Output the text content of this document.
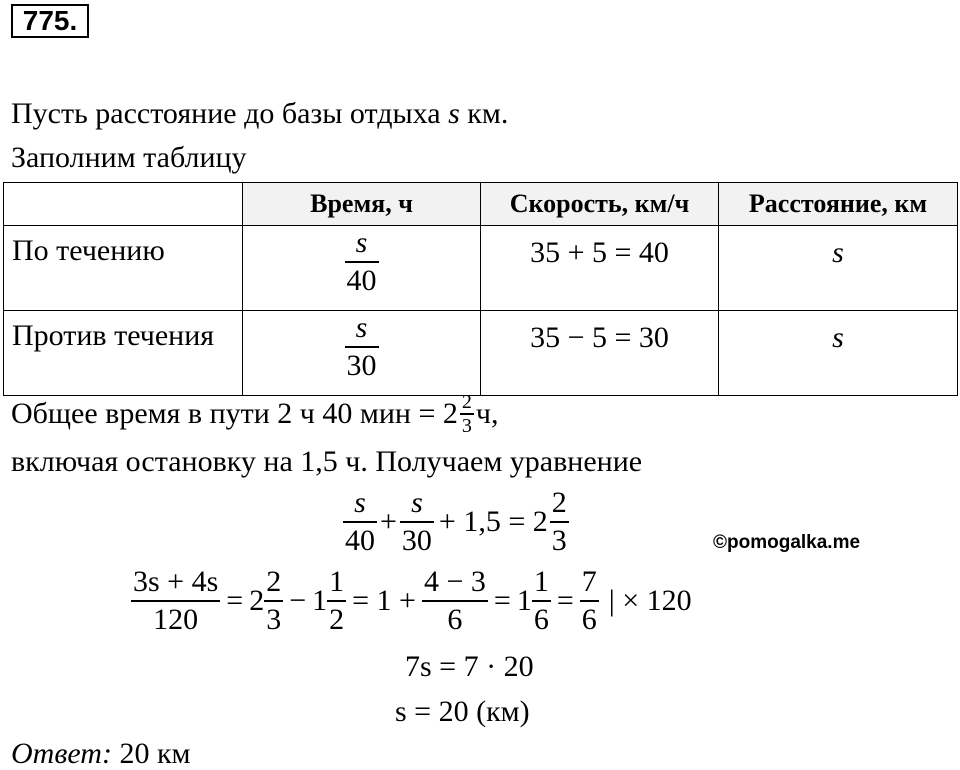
775.
Пусть расстояние до базы отдыха s км.
Заполним таблицу
	Время, ч	Скорость, км/ч	Расстояние, км
По течению	$\frac{s}{40}$	35 + 5 = 40	s
Против течения	$\frac{s}{30}$	35 − 5 = 30	s
Общее время в пути 2 ч 40 мин = $2 \frac{2}{3} ч$,
включая остановку на 1,5 ч. Получаем уравнение
$\frac{s}{40} + \frac{s}{30} + 1,5 = 2 \frac{2}{3}$	©pomogalka.me
$\frac{3s + 4s}{120} = 2 \frac{2}{3} - 1 \frac{1}{2} = 1 + \frac{4 - 3}{6} = 1 \frac{1}{6} = \frac{7}{6}$ | × 120
7s = 7 · 20
s = 20 (км)
Ответ: 20 км
